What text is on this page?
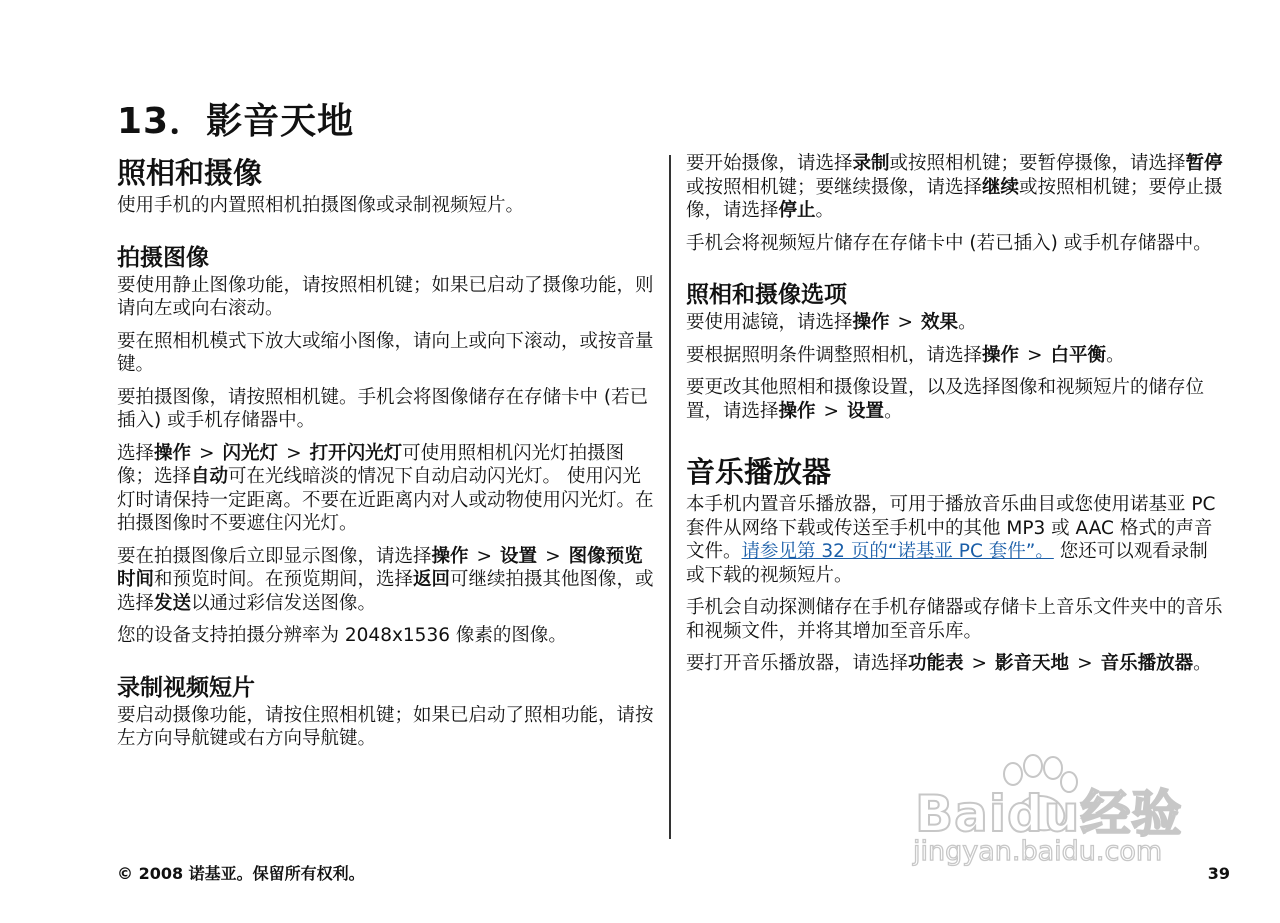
13．影音天地
照相和摄像

使用手机的内置照相机拍摄图像或录制视频短片。

拍摄图像

要使用静止图像功能，请按照相机键；如果已启动了摄像功能，则请向左或向右滚动。

要在照相机模式下放大或缩小图像，请向上或向下滚动，或按音量键。

要拍摄图像，请按照相机键。手机会将图像储存在存储卡中 (若已插入) 或手机存储器中。

选择操作 > 闪光灯 > 打开闪光灯可使用照相机闪光灯拍摄图像；选择自动可在光线暗淡的情况下自动启动闪光灯。 使用闪光灯时请保持一定距离。不要在近距离内对人或动物使用闪光灯。在拍摄图像时不要遮住闪光灯。

要在拍摄图像后立即显示图像，请选择操作 > 设置 > 图像预览时间和预览时间。在预览期间，选择返回可继续拍摄其他图像，或选择发送以通过彩信发送图像。

您的设备支持拍摄分辨率为 2048x1536 像素的图像。

录制视频短片

要启动摄像功能，请按住照相机键；如果已启动了照相功能，请按左方向导航键或右方向导航键。

要开始摄像，请选择录制或按照相机键；要暂停摄像，请选择暂停或按照相机键；要继续摄像，请选择继续或按照相机键；要停止摄像，请选择停止。

手机会将视频短片储存在存储卡中 (若已插入) 或手机存储器中。

照相和摄像选项

要使用滤镜，请选择操作 > 效果。

要根据照明条件调整照相机，请选择操作 > 白平衡。

要更改其他照相和摄像设置，以及选择图像和视频短片的储存位置，请选择操作 > 设置。

音乐播放器

本手机内置音乐播放器，可用于播放音乐曲目或您使用诺基亚 PC 套件从网络下载或传送至手机中的其他 MP3 或 AAC 格式的声音文件。请参见第 32 页的“诺基亚 PC 套件”。 您还可以观看录制或下载的视频短片。

手机会自动探测储存在手机存储器或存储卡上音乐文件夹中的音乐和视频文件，并将其增加至音乐库。

要打开音乐播放器，请选择功能表 > 影音天地 > 音乐播放器。

Baidu经验
jingyan.baidu.com

© 2008 诺基亚。保留所有权利。	39
